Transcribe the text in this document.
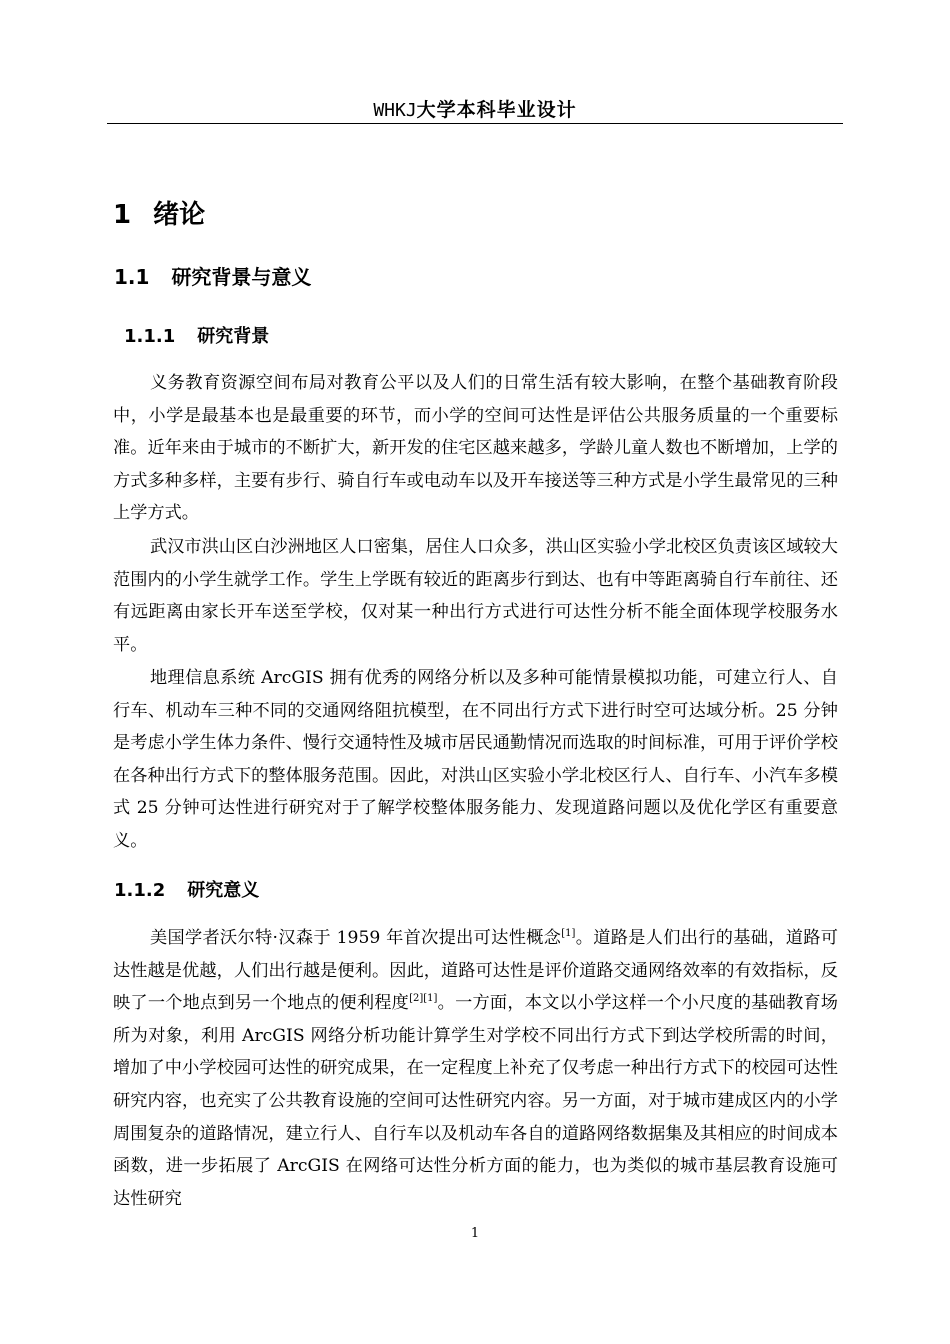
WHKJ大学本科毕业设计
1 绪论
1.1 研究背景与意义
1.1.1 研究背景
义务教育资源空间布局对教育公平以及人们的日常生活有较大影响，在整个基础教育阶段中，小学是最基本也是最重要的环节，而小学的空间可达性是评估公共服务质量的一个重要标准。近年来由于城市的不断扩大，新开发的住宅区越来越多，学龄儿童人数也不断增加，上学的方式多种多样，主要有步行、骑自行车或电动车以及开车接送等三种方式是小学生最常见的三种上学方式。
武汉市洪山区白沙洲地区人口密集，居住人口众多，洪山区实验小学北校区负责该区域较大范围内的小学生就学工作。学生上学既有较近的距离步行到达、也有中等距离骑自行车前往、还有远距离由家长开车送至学校，仅对某一种出行方式进行可达性分析不能全面体现学校服务水平。
地理信息系统 ArcGIS 拥有优秀的网络分析以及多种可能情景模拟功能，可建立行人、自行车、机动车三种不同的交通网络阻抗模型，在不同出行方式下进行时空可达域分析。25 分钟是考虑小学生体力条件、慢行交通特性及城市居民通勤情况而选取的时间标准，可用于评价学校在各种出行方式下的整体服务范围。因此，对洪山区实验小学北校区行人、自行车、小汽车多模式 25 分钟可达性进行研究对于了解学校整体服务能力、发现道路问题以及优化学区有重要意义。
1.1.2 研究意义
美国学者沃尔特·汉森于 1959 年首次提出可达性概念[1]。道路是人们出行的基础，道路可达性越是优越，人们出行越是便利。因此，道路可达性是评价道路交通网络效率的有效指标，反映了一个地点到另一个地点的便利程度[2][1]。一方面，本文以小学这样一个小尺度的基础教育场所为对象，利用 ArcGIS 网络分析功能计算学生对学校不同出行方式下到达学校所需的时间，增加了中小学校园可达性的研究成果，在一定程度上补充了仅考虑一种出行方式下的校园可达性研究内容，也充实了公共教育设施的空间可达性研究内容。另一方面，对于城市建成区内的小学周围复杂的道路情况，建立行人、自行车以及机动车各自的道路网络数据集及其相应的时间成本函数，进一步拓展了 ArcGIS 在网络可达性分析方面的能力，也为类似的城市基层教育设施可达性研究
1
